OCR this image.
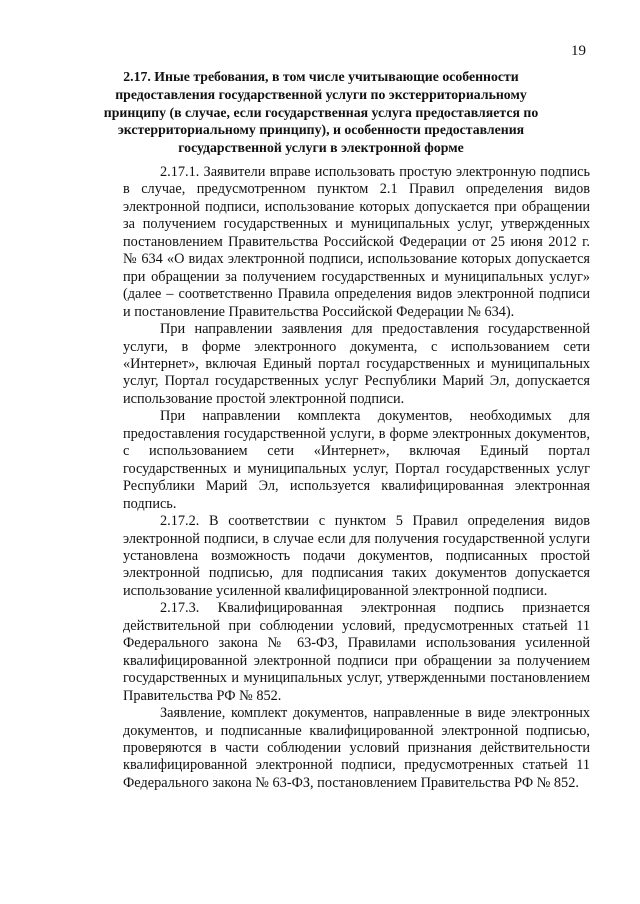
19
2.17. Иные требования, в том числе учитывающие особенности предоставления государственной услуги по экстерриториальному принципу (в случае, если государственная услуга предоставляется по экстерриториальному принципу), и особенности предоставления государственной услуги в электронной форме

2.17.1. Заявители вправе использовать простую электронную подпись в случае, предусмотренном пунктом 2.1 Правил определения видов электронной подписи, использование которых допускается при обращении за получением государственных и муниципальных услуг, утвержденных постановлением Правительства Российской Федерации от 25 июня 2012 г. № 634 «О видах электронной подписи, использование которых допускается при обращении за получением государственных и муниципальных услуг» (далее – соответственно Правила определения видов электронной подписи и постановление Правительства Российской Федерации № 634).

При направлении заявления для предоставления государственной услуги, в форме электронного документа, с использованием сети «Интернет», включая Единый портал государственных и муниципальных услуг, Портал государственных услуг Республики Марий Эл, допускается использование простой электронной подписи.

При направлении комплекта документов, необходимых для предоставления государственной услуги, в форме электронных документов, с использованием сети «Интернет», включая Единый портал государственных и муниципальных услуг, Портал государственных услуг Республики Марий Эл, используется квалифицированная электронная подпись.

2.17.2. В соответствии с пунктом 5 Правил определения видов электронной подписи, в случае если для получения государственной услуги установлена возможность подачи документов, подписанных простой электронной подписью, для подписания таких документов допускается использование усиленной квалифицированной электронной подписи.

2.17.3. Квалифицированная электронная подпись признается действительной при соблюдении условий, предусмотренных статьей 11 Федерального закона № 63-ФЗ, Правилами использования усиленной квалифицированной электронной подписи при обращении за получением государственных и муниципальных услуг, утвержденными постановлением Правительства РФ № 852.

Заявление, комплект документов, направленные в виде электронных документов, и подписанные квалифицированной электронной подписью, проверяются в части соблюдении условий признания действительности квалифицированной электронной подписи, предусмотренных статьей 11 Федерального закона № 63-ФЗ, постановлением Правительства РФ № 852.
